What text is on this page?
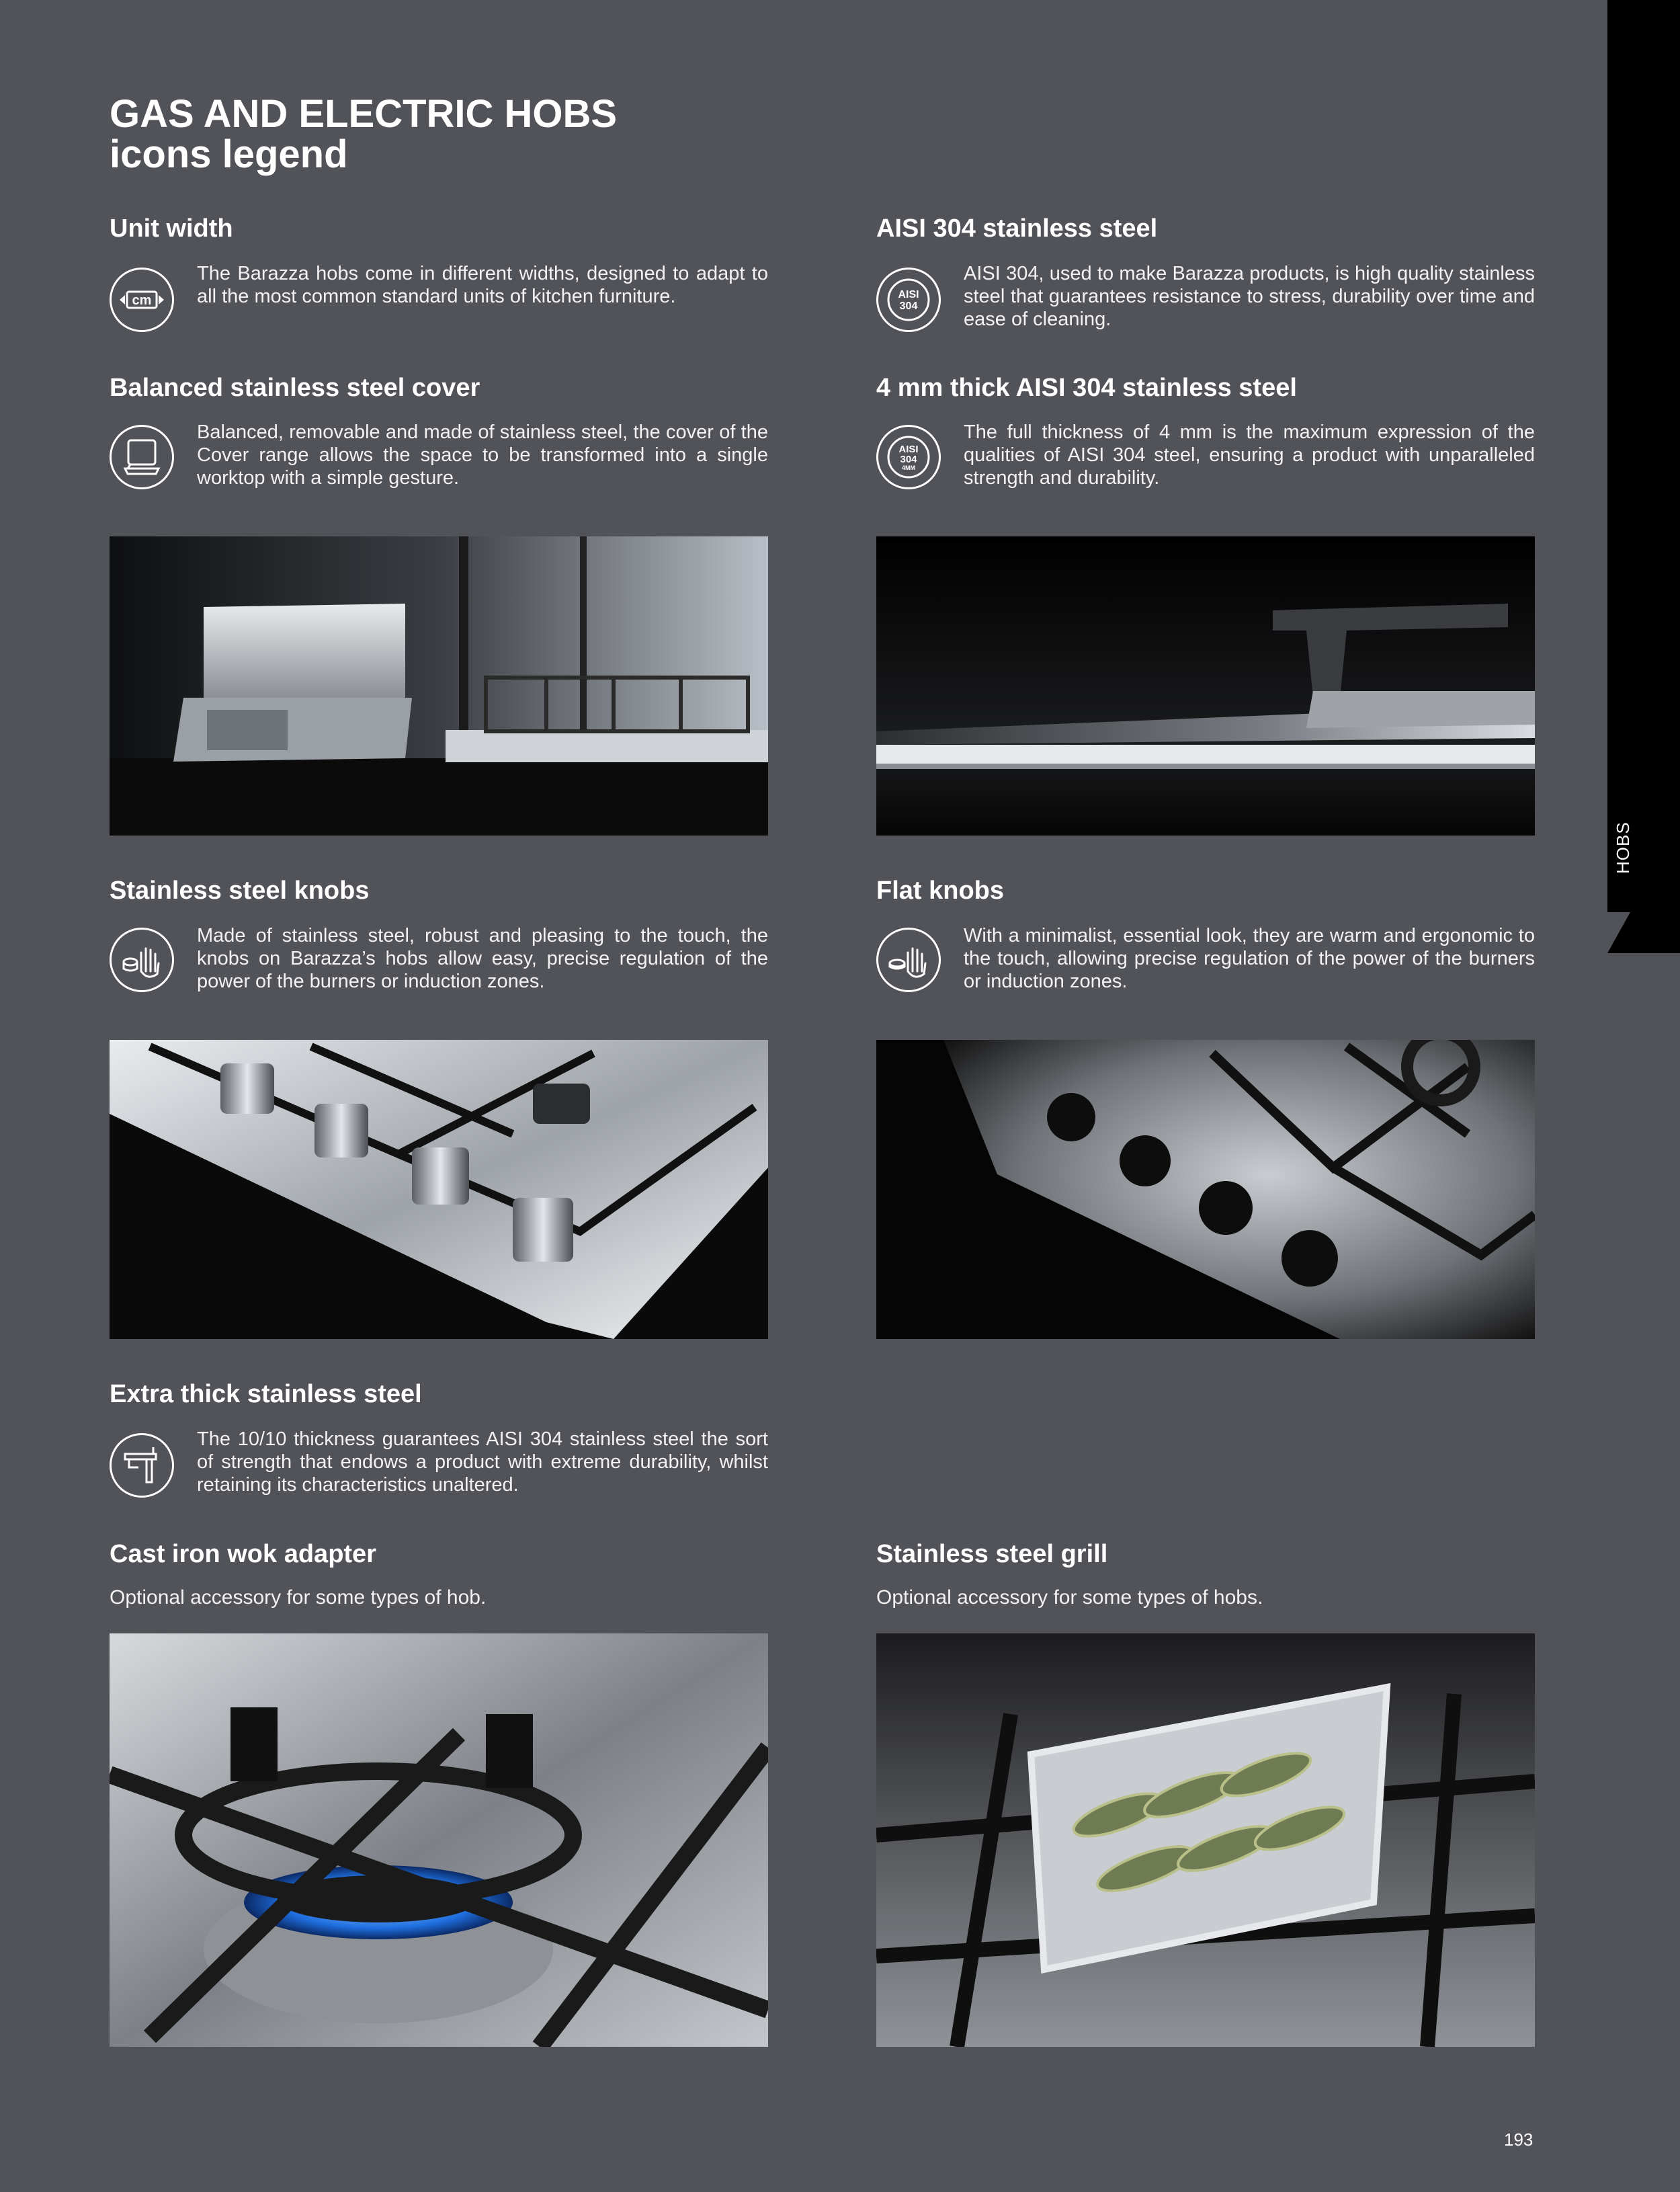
HOBS
GAS AND ELECTRIC HOBS
icons legend
Unit width
cm
The Barazza hobs come in different widths, designed to adapt to all the most common standard units of kitchen furniture.
AISI 304 stainless steel
AISI
304
AISI 304, used to make Barazza products, is high quality stainless steel that guarantees resistance to stress, durability over time and ease of cleaning.
Balanced stainless steel cover
Balanced, removable and made of stainless steel, the cover of the Cover range allows the space to be transformed into a single worktop with a simple gesture.
4 mm thick AISI 304 stainless steel
AISI
304
4MM
The full thickness of 4 mm is the maximum expression of the qualities of AISI 304 steel, ensuring a product with unparalleled strength and durability.
Stainless steel knobs
Made of stainless steel, robust and pleasing to the touch, the knobs on Barazza’s hobs allow easy, precise regulation of the power of the burners or induction zones.
Flat knobs
With a minimalist, essential look, they are warm and ergonomic to the touch, allowing precise regulation of the power of the burners or induction zones.
Extra thick stainless steel
The 10/10 thickness guarantees AISI 304 stainless steel the sort of strength that endows a product with extreme durability, whilst retaining its characteristics unaltered.
Cast iron wok adapter
Optional accessory for some types of hob.
Stainless steel grill
Optional accessory for some types of hobs.
193
